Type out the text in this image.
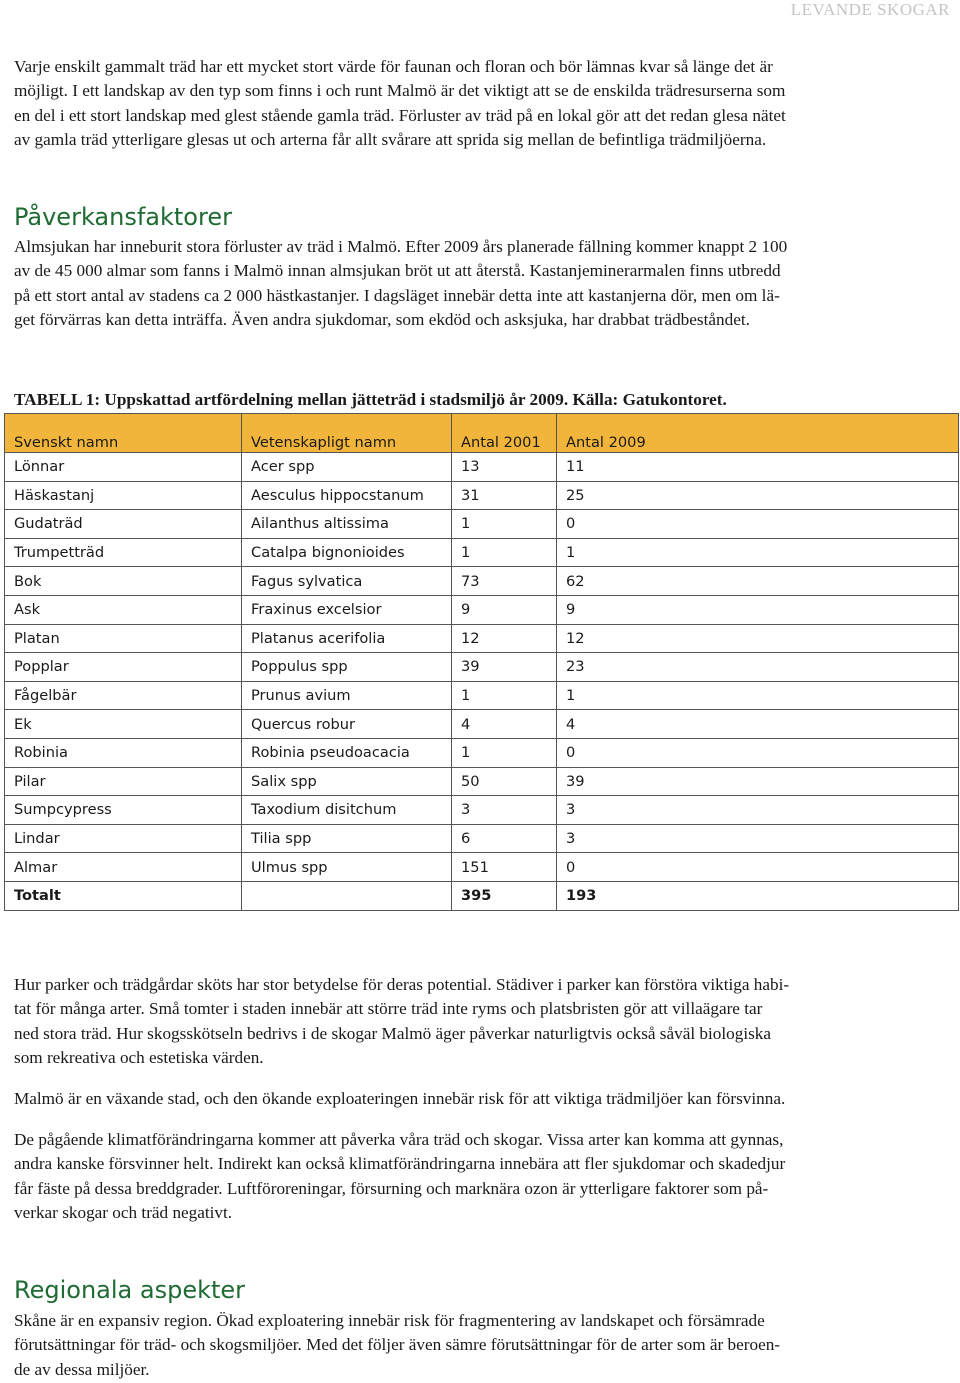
LEVANDE SKOGAR

Varje enskilt gammalt träd har ett mycket stort värde för faunan och floran och bör lämnas kvar så länge det är
möjligt. I ett landskap av den typ som finns i och runt Malmö är det viktigt att se de enskilda trädresurserna som
en del i ett stort landskap med glest stående gamla träd. Förluster av träd på en lokal gör att det redan glesa nätet
av gamla träd ytterligare glesas ut och arterna får allt svårare att sprida sig mellan de befintliga trädmiljöerna.

Påverkansfaktorer

Almsjukan har inneburit stora förluster av träd i Malmö. Efter 2009 års planerade fällning kommer knappt 2 100
av de 45 000 almar som fanns i Malmö innan almsjukan bröt ut att återstå. Kastanjeminerarmalen finns utbredd
på ett stort antal av stadens ca 2 000 hästkastanjer. I dagsläget innebär detta inte att kastanjerna dör, men om lä-
get förvärras kan detta inträffa. Även andra sjukdomar, som ekdöd och asksjuka, har drabbat trädbeståndet.

TABELL 1: Uppskattad artfördelning mellan jätteträd i stadsmiljö år 2009. Källa: Gatukontoret.

Svenskt namn	Vetenskapligt namn	Antal 2001	Antal 2009
Lönnar	Acer spp	13	11
Häskastanj	Aesculus hippocstanum	31	25
Gudaträd	Ailanthus altissima	1	0
Trumpetträd	Catalpa bignonioides	1	1
Bok	Fagus sylvatica	73	62
Ask	Fraxinus excelsior	9	9
Platan	Platanus acerifolia	12	12
Popplar	Poppulus spp	39	23
Fågelbär	Prunus avium	1	1
Ek	Quercus robur	4	4
Robinia	Robinia pseudoacacia	1	0
Pilar	Salix spp	50	39
Sumpcypress	Taxodium disitchum	3	3
Lindar	Tilia spp	6	3
Almar	Ulmus spp	151	0
Totalt		395	193

Hur parker och trädgårdar sköts har stor betydelse för deras potential. Städiver i parker kan förstöra viktiga habi-
tat för många arter. Små tomter i staden innebär att större träd inte ryms och platsbristen gör att villaägare tar
ned stora träd. Hur skogsskötseln bedrivs i de skogar Malmö äger påverkar naturligtvis också såväl biologiska
som rekreativa och estetiska värden.

Malmö är en växande stad, och den ökande exploateringen innebär risk för att viktiga trädmiljöer kan försvinna.

De pågående klimatförändringarna kommer att påverka våra träd och skogar. Vissa arter kan komma att gynnas,
andra kanske försvinner helt. Indirekt kan också klimatförändringarna innebära att fler sjukdomar och skadedjur
får fäste på dessa breddgrader. Luftföroreningar, försurning och marknära ozon är ytterligare faktorer som på-
verkar skogar och träd negativt.

Regionala aspekter

Skåne är en expansiv region. Ökad exploatering innebär risk för fragmentering av landskapet och försämrade
förutsättningar för träd- och skogsmiljöer. Med det följer även sämre förutsättningar för de arter som är beroen-
de av dessa miljöer.
